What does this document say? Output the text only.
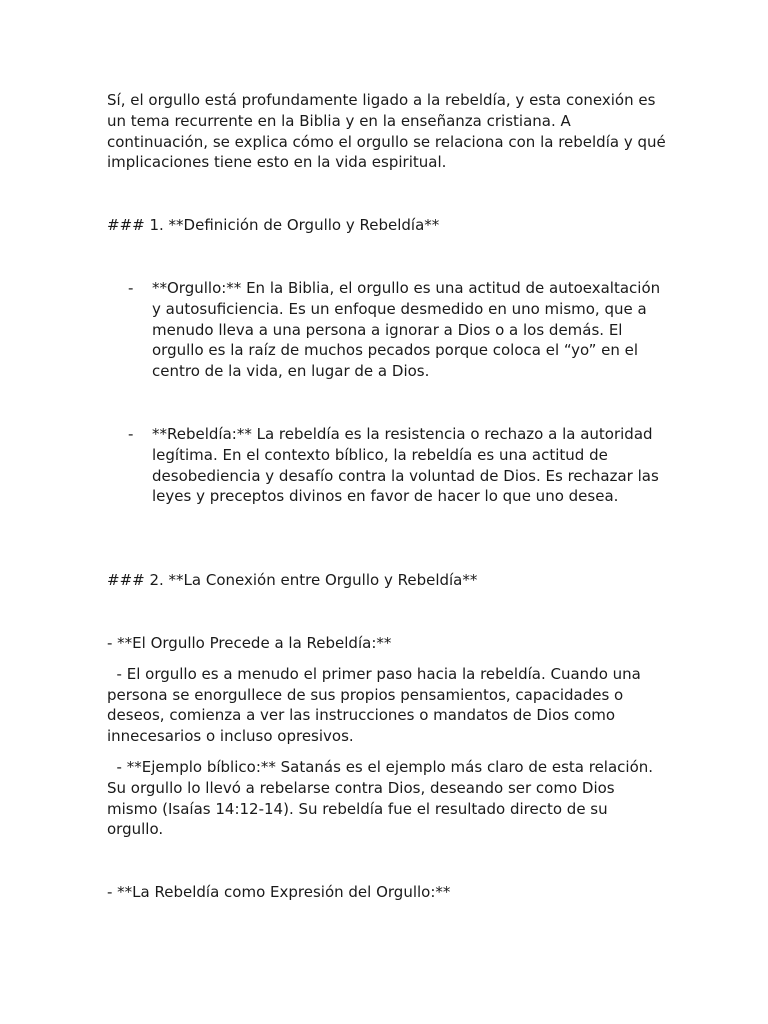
Sí, el orgullo está profundamente ligado a la rebeldía, y esta conexión es un tema recurrente en la Biblia y en la enseñanza cristiana. A continuación, se explica cómo el orgullo se relaciona con la rebeldía y qué implicaciones tiene esto en la vida espiritual.

### 1. **Definición de Orgullo y Rebeldía**

- **Orgullo:** En la Biblia, el orgullo es una actitud de autoexaltación y autosuficiencia. Es un enfoque desmedido en uno mismo, que a menudo lleva a una persona a ignorar a Dios o a los demás. El orgullo es la raíz de muchos pecados porque coloca el “yo” en el centro de la vida, en lugar de a Dios.

- **Rebeldía:** La rebeldía es la resistencia o rechazo a la autoridad legítima. En el contexto bíblico, la rebeldía es una actitud de desobediencia y desafío contra la voluntad de Dios. Es rechazar las leyes y preceptos divinos en favor de hacer lo que uno desea.

### 2. **La Conexión entre Orgullo y Rebeldía**

- **El Orgullo Precede a la Rebeldía:**

- El orgullo es a menudo el primer paso hacia la rebeldía. Cuando una persona se enorgullece de sus propios pensamientos, capacidades o deseos, comienza a ver las instrucciones o mandatos de Dios como innecesarios o incluso opresivos.

- **Ejemplo bíblico:** Satanás es el ejemplo más claro de esta relación. Su orgullo lo llevó a rebelarse contra Dios, deseando ser como Dios mismo (Isaías 14:12-14). Su rebeldía fue el resultado directo de su orgullo.

- **La Rebeldía como Expresión del Orgullo:**
